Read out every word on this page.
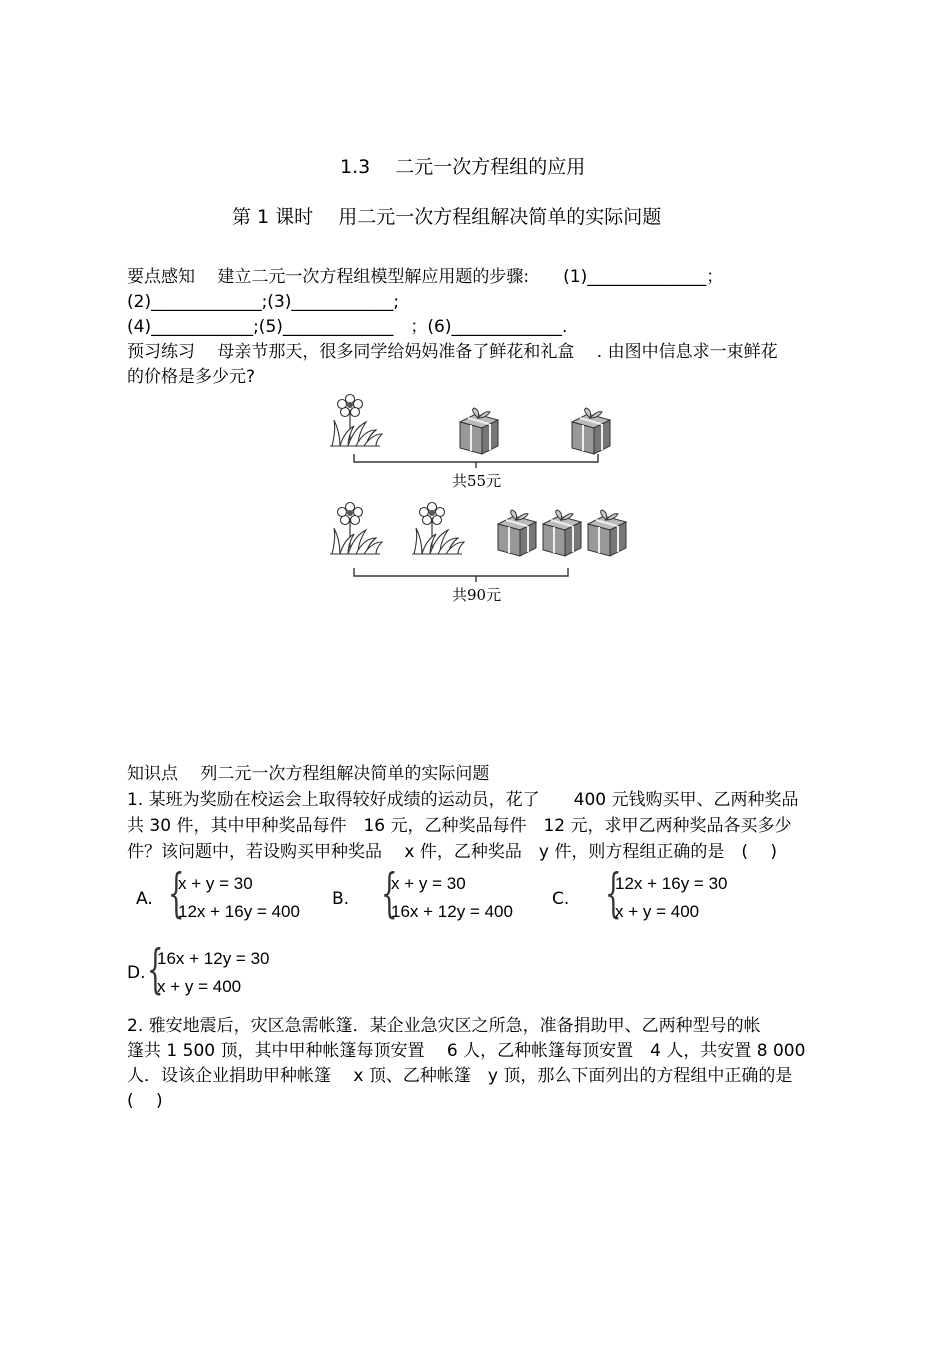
1.3　 二元一次方程组的应用
第 1 课时　 用二元一次方程组解决简单的实际问题
要点感知　 建立二元一次方程组模型解应用题的步骤:　　(1)______________；
(2)_____________;(3)____________;
(4)____________;(5)_____________　；(6)_____________.
预习练习　 母亲节那天，很多同学给妈妈准备了鲜花和礼盒　 . 由图中信息求一束鲜花
的价格是多少元?
共55元
共90元
知识点　 列二元一次方程组解决简单的实际问题
1. 某班为奖励在校运会上取得较好成绩的运动员，花了　　400 元钱购买甲、乙两种奖品
共 30 件，其中甲种奖品每件　16 元，乙种奖品每件　12 元，求甲乙两种奖品各买多少
件？该问题中，若设购买甲种奖品　 x 件，乙种奖品　y 件，则方程组正确的是　(　 )
A. {
x + y = 30
12x + 16y = 400
B. {
x + y = 30
16x + 12y = 400
C. {
12x + 16y = 30
x + y = 400
D. {
16x + 12y = 30
x + y = 400
2. 雅安地震后，灾区急需帐篷．某企业急灾区之所急，准备捐助甲、乙两种型号的帐
篷共 1 500 顶，其中甲种帐篷每顶安置　 6 人，乙种帐篷每顶安置　4 人，共安置 8 000
人．设该企业捐助甲种帐篷　 x 顶、乙种帐篷　y 顶，那么下面列出的方程组中正确的是
(　 )
